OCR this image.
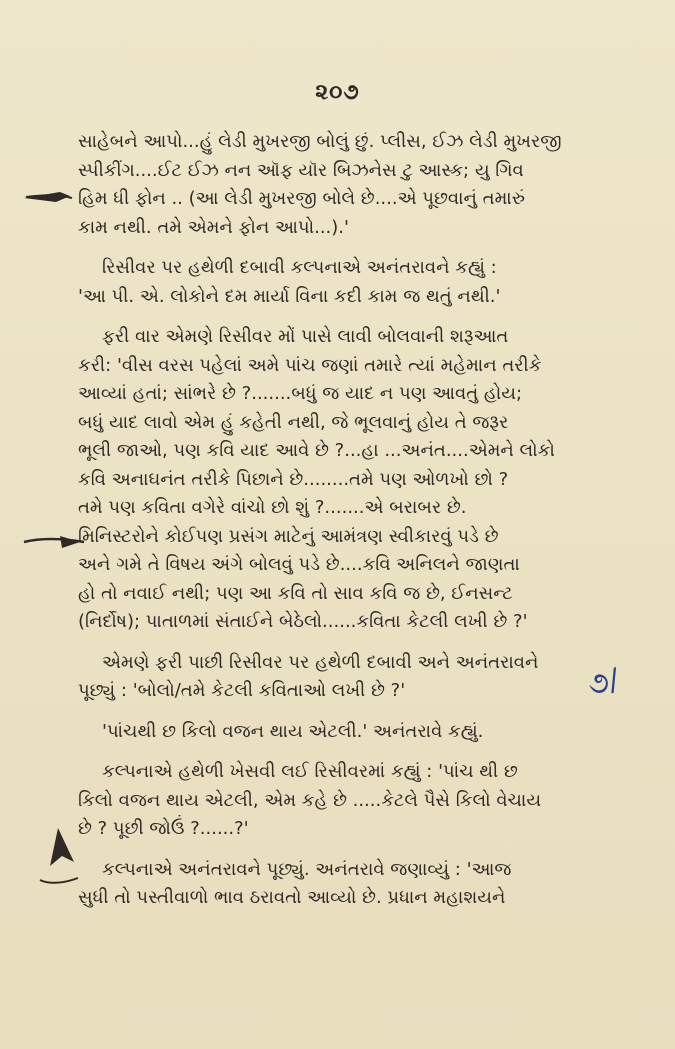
૨૦૭
૭/
સાહેબને આપો...હું લેડી મુખરજી બોલું છું. પ્લીસ, ઈઝ લેડી મુખરજી
સ્પીકીંગ....ઈટ ઈઝ નન ઑફ યૉર બિઝનેસ ટુ આસ્ક; યુ ગિવ
હિમ ધી ફોન .. (આ લેડી મુખરજી બોલે છે....એ પૂછવાનું તમારું
કામ નથી. તમે એમને ફોન આપો...).'
રિસીવર પર હથેળી દબાવી કલ્પનાએ અનંતરાવને કહ્યું :
'આ પી. એ. લોકોને દમ માર્યા વિના કદી કામ જ થતું નથી.'
ફરી વાર એમણે રિસીવર મોં પાસે લાવી બોલવાની શરૂઆત
કરી: 'વીસ વરસ પહેલાં અમે પાંચ જણાં તમારે ત્યાં મહેમાન તરીકે
આવ્યાં હતાં; સાંભરે છે ?.......બધું જ યાદ ન પણ આવતું હોય;
બધું યાદ લાવો એમ હું કહેતી નથી, જે ભૂલવાનું હોય તે જરૂર
ભૂલી જાઓ, પણ કવિ યાદ આવે છે ?...હા ...અનંત....એમને લોકો
કવિ અનાઘનંત તરીકે પિછાને છે........તમે પણ ઓળખો છો ?
તમે પણ કવિતા વગેરે વાંચો છો શું ?.......એ બરાબર છે.
મિનિસ્ટરોને કોઈપણ પ્રસંગ માટેનું આમંત્રણ સ્વીકારવું પડે છે
અને ગમે તે વિષય અંગે બોલવું પડે છે....કવિ અનિલને જાણતા
હો તો નવાઈ નથી; પણ આ કવિ તો સાવ કવિ જ છે, ઈનસન્ટ
(નિર્દોષ); પાતાળમાં સંતાઈને બેઠેલો......કવિતા કેટલી લખી છે ?'
એમણે ફરી પાછી રિસીવર પર હથેળી દબાવી અને અનંતરાવને
પૂછ્યું : 'બોલો/તમે કેટલી કવિતાઓ લખી છે ?'
'પાંચથી છ કિલો વજન થાય એટલી.' અનંતરાવે કહ્યું.
કલ્પનાએ હથેળી ખેસવી લઈ રિસીવરમાં કહ્યું : 'પાંચ થી છ
કિલો વજન થાય એટલી, એમ કહે છે .....કેટલે પૈસે કિલો વેચાય
છે ? પૂછી જોઉં ?......?'
કલ્પનાએ અનંતરાવને પૂછ્યું. અનંતરાવે જણાવ્યું : 'આજ
સુધી તો પસ્તીવાળો ભાવ ઠરાવતો આવ્યો છે. પ્રધાન મહાશયને
